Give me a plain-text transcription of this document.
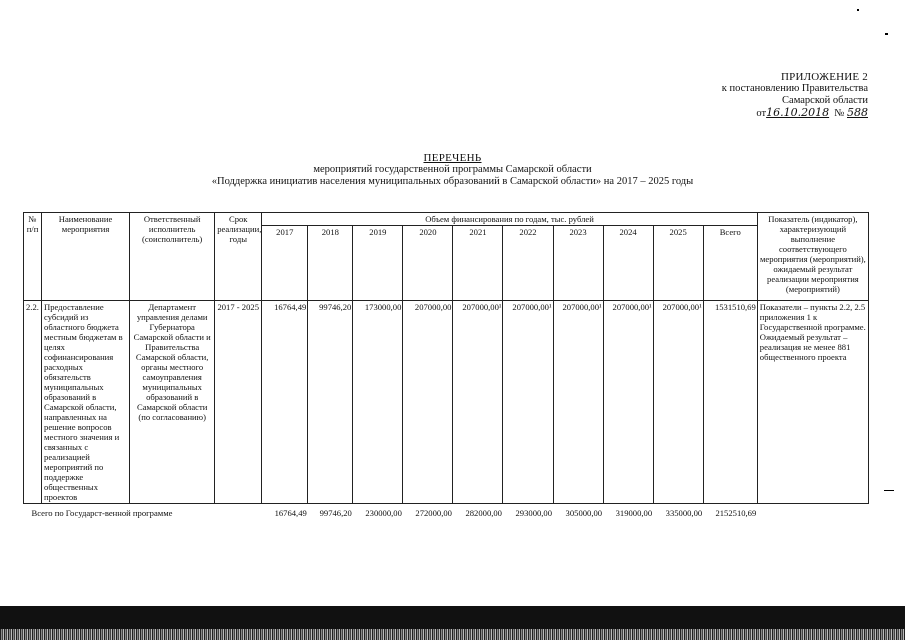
ПРИЛОЖЕНИЕ 2
к постановлению Правительства
Самарской области
от16.10.2018 № 588
ПЕРЕЧЕНЬ
мероприятий государственной программы Самарской области
«Поддержка инициатив населения муниципальных образований в Самарской области» на 2017 – 2025 годы
№ п/п	Наименование мероприятия	Ответственный исполнитель (соисполнитель)	Срок реализации, годы	Объем финансирования по годам, тыс. рублей										Показатель (индикатор), характеризующий выполнение соответствующего мероприятия (мероприятий), ожидаемый результат реализации мероприятия (мероприятий)
				2017	2018	2019	2020	2021	2022	2023	2024	2025	Всего	
2.2.	Предоставление субсидий из областного бюджета местным бюджетам в целях софинансирования расходных обязательств муниципальных образований в Самарской области, направленных на решение вопросов местного значения и связанных с реализацией мероприятий по поддержке общественных проектов	Департамент управления делами Губернатора Самарской области и Правительства Самарской области, органы местного самоуправления муниципальных образований в Самарской области (по согласованию)	2017 - 2025	16764,49	99746,20	173000,00	207000,00	207000,00¹	207000,00¹	207000,00¹	207000,00¹	207000,00¹	1531510,69	Показатели – пункты 2.2, 2.5 приложения 1 к Государственной программе. Ожидаемый результат – реализация не менее 881 общественного проекта
Всего по Государст-венной программе				16764,49	99746,20	230000,00	272000,00	282000,00	293000,00	305000,00	319000,00	335000,00	2152510,69	
